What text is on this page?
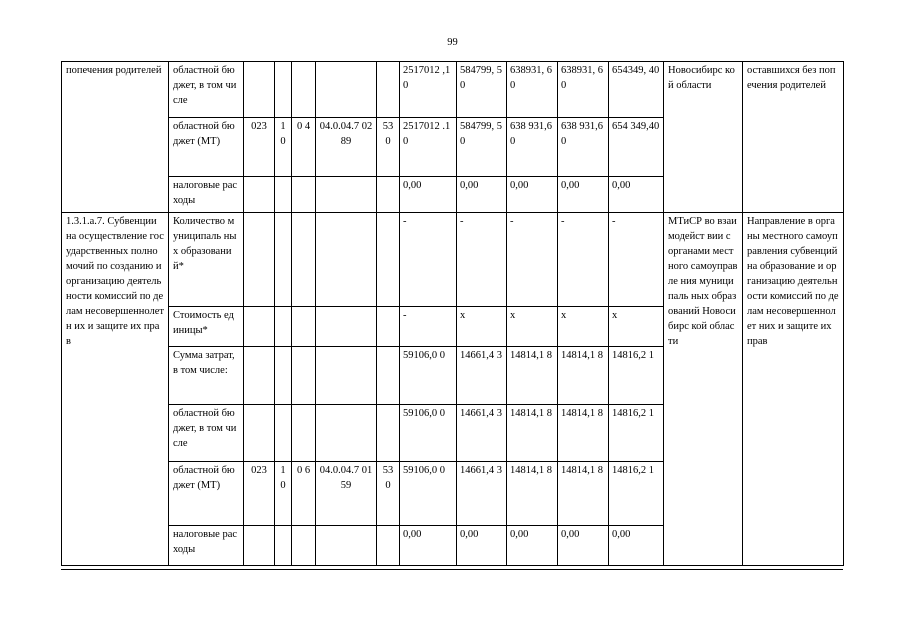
99
попечения родителей	областной бюджет, в том числе						2517012 ,10	584799, 50	638931, 60	638931, 60	654349, 40	Новосибирс кой области	оставшихся без попечения родителей
	областной бюджет (МТ)	023	1 0	0 4	04.0.04.7 0289	53 0	2517012 .10	584799, 50	638 931,60	638 931,60	654 349,40		
	налоговые расходы						0,00	0,00	0,00	0,00	0,00		
1.3.1.а.7. Субвенции на осуществление государственных полномочий по созданию и организацию деятельности комиссий по делам несовершеннолетн их и защите их прав	Количество муниципаль ных образовани й*						-	-	-	-	-	МТиСР во взаимодейст вии с органами местного самоуправле ния муниципаль ных образований Новосибирс кой области	Направление в органы местного самоуправления субвенций на образование и организацию деятельности комиссий по делам несовершеннолет них и защите их прав
	Стоимость единицы*						-	x	x	x	x		
	Сумма затрат, в том числе:						59106,0 0	14661,4 3	14814,1 8	14814,1 8	14816,2 1		
	областной бюджет, в том числе						59106,0 0	14661,4 3	14814,1 8	14814,1 8	14816,2 1		
	областной бюджет (МТ)	023	1 0	0 6	04.0.04.7 0159	53 0	59106,0 0	14661,4 3	14814,1 8	14814,1 8	14816,2 1		
	налоговые расходы						0,00	0,00	0,00	0,00	0,00		
